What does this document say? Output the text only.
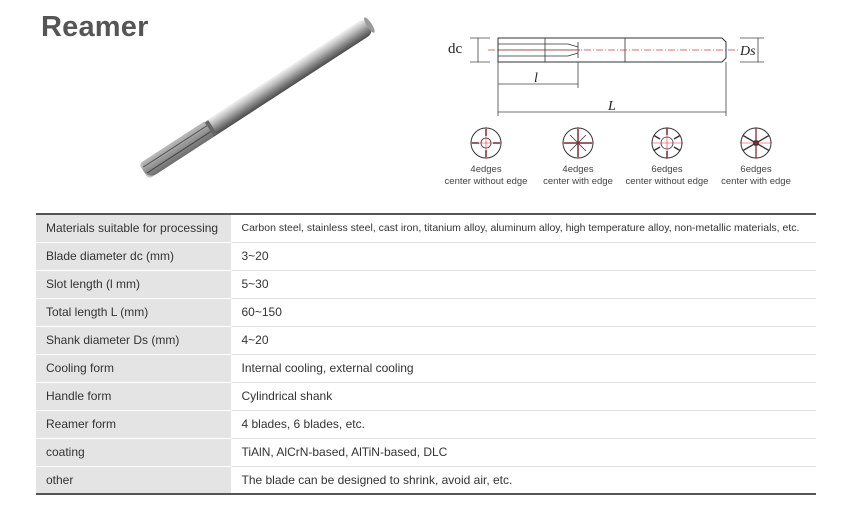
Reamer
dc	Ds
l
L
4edges
center without edge
4edges
center with edge
6edges
center without edge
6edges
center with edge
Materials suitable for processing	Carbon steel, stainless steel, cast iron, titanium alloy, aluminum alloy, high temperature alloy, non-metallic materials, etc.
Blade diameter dc (mm)	3~20
Slot length (l mm)	5~30
Total length L (mm)	60~150
Shank diameter Ds (mm)	4~20
Cooling form	Internal cooling, external cooling
Handle form	Cylindrical shank
Reamer form	4 blades, 6 blades, etc.
coating	TiAlN, AlCrN-based, AlTiN-based, DLC
other	The blade can be designed to shrink, avoid air, etc.
